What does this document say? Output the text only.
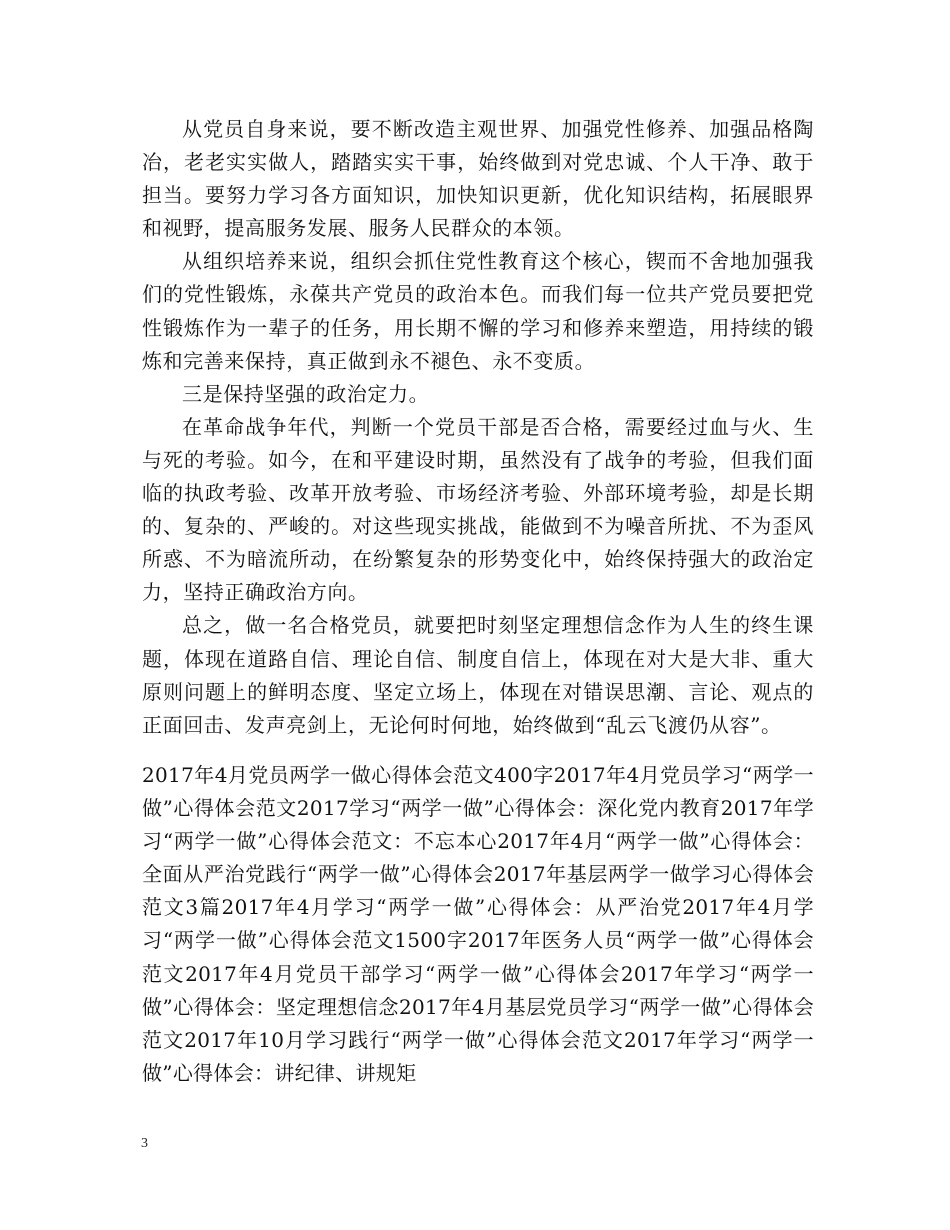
从党员自身来说，要不断改造主观世界、加强党性修养、加强品格陶冶，老老实实做人，踏踏实实干事，始终做到对党忠诚、个人干净、敢于担当。要努力学习各方面知识，加快知识更新，优化知识结构，拓展眼界和视野，提高服务发展、服务人民群众的本领。

从组织培养来说，组织会抓住党性教育这个核心，锲而不舍地加强我们的党性锻炼，永葆共产党员的政治本色。而我们每一位共产党员要把党性锻炼作为一辈子的任务，用长期不懈的学习和修养来塑造，用持续的锻炼和完善来保持，真正做到永不褪色、永不变质。

三是保持坚强的政治定力。

在革命战争年代，判断一个党员干部是否合格，需要经过血与火、生与死的考验。如今，在和平建设时期，虽然没有了战争的考验，但我们面临的执政考验、改革开放考验、市场经济考验、外部环境考验，却是长期的、复杂的、严峻的。对这些现实挑战，能做到不为噪音所扰、不为歪风所惑、不为暗流所动，在纷繁复杂的形势变化中，始终保持强大的政治定力，坚持正确政治方向。

总之，做一名合格党员，就要把时刻坚定理想信念作为人生的终生课题，体现在道路自信、理论自信、制度自信上，体现在对大是大非、重大原则问题上的鲜明态度、坚定立场上，体现在对错误思潮、言论、观点的正面回击、发声亮剑上，无论何时何地，始终做到“乱云飞渡仍从容”。

2017年4月党员两学一做心得体会范文400字2017年4月党员学习“两学一做”心得体会范文2017学习“两学一做”心得体会：深化党内教育2017年学习“两学一做”心得体会范文：不忘本心2017年4月“两学一做”心得体会：全面从严治党践行“两学一做”心得体会2017年基层两学一做学习心得体会范文3篇2017年4月学习“两学一做”心得体会：从严治党2017年4月学习“两学一做”心得体会范文1500字2017年医务人员“两学一做”心得体会范文2017年4月党员干部学习“两学一做”心得体会2017年学习“两学一做”心得体会：坚定理想信念2017年4月基层党员学习“两学一做”心得体会范文2017年10月学习践行“两学一做”心得体会范文2017年学习“两学一做”心得体会：讲纪律、讲规矩

3
